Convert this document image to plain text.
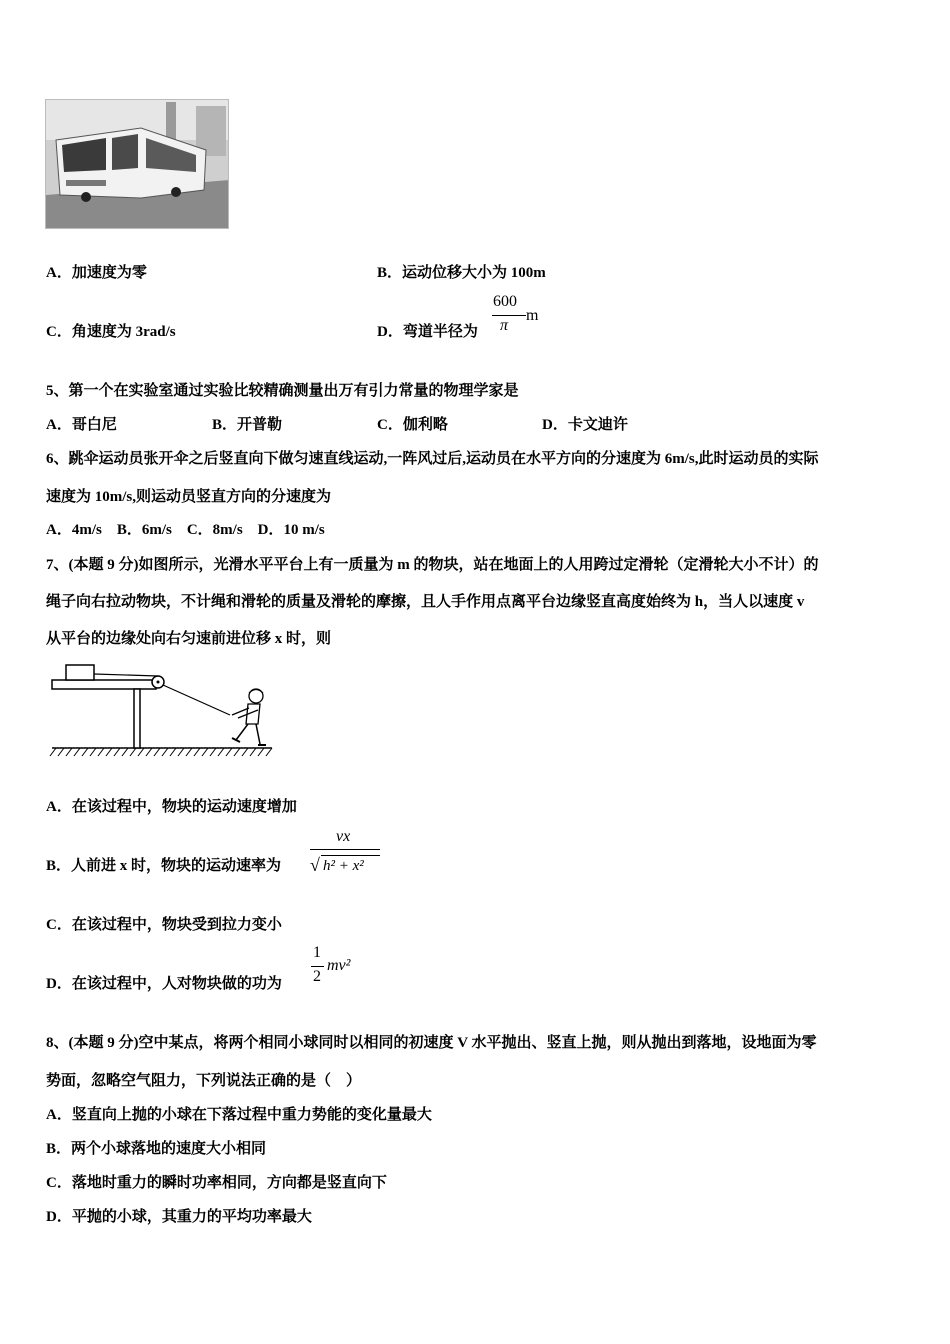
A．加速度为零	B．运动位移大小为 100m
C．角速度为 3rad/s	D．弯道半径为
600
π
m
5、第一个在实验室通过实验比较精确测量出万有引力常量的物理学家是
A．哥白尼	B．开普勒	C．伽利略	D．卡文迪许
6、跳伞运动员张开伞之后竖直向下做匀速直线运动,一阵风过后,运动员在水平方向的分速度为 6m/s,此时运动员的实际
速度为 10m/s,则运动员竖直方向的分速度为
A．4m/s　B．6m/s　C．8m/s　D．10 m/s
7、(本题 9 分)如图所示，光滑水平平台上有一质量为 m 的物块，站在地面上的人用跨过定滑轮（定滑轮大小不计）的
绳子向右拉动物块，不计绳和滑轮的质量及滑轮的摩擦，且人手作用点离平台边缘竖直高度始终为 h，当人以速度 v
从平台的边缘处向右匀速前进位移 x 时，则
A．在该过程中，物块的运动速度增加
B．人前进 x 时，物块的运动速率为
vx
√ h² + x²
C．在该过程中，物块受到拉力变小
D．在该过程中，人对物块做的功为
1
2
mv²
8、(本题 9 分)空中某点，将两个相同小球同时以相同的初速度 V 水平抛出、竖直上抛，则从抛出到落地，设地面为零
势面，忽略空气阻力，下列说法正确的是（　）
A．竖直向上抛的小球在下落过程中重力势能的变化量最大
B．两个小球落地的速度大小相同
C．落地时重力的瞬时功率相同，方向都是竖直向下
D．平抛的小球，其重力的平均功率最大
